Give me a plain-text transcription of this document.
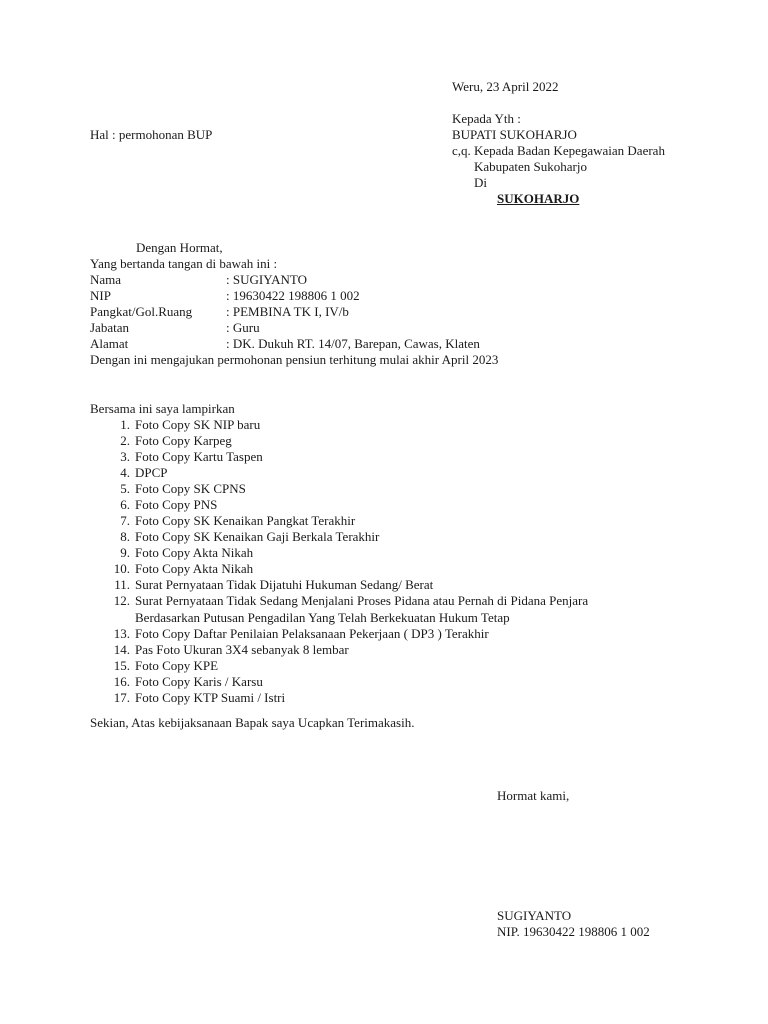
Weru, 23 April 2022
Kepada Yth :
BUPATI SUKOHARJO
Hal : permohonan BUP
c,q. Kepada Badan Kepegawaian Daerah
Kabupaten Sukoharjo
Di
SUKOHARJO
Dengan Hormat,
Yang bertanda tangan di bawah ini :
Nama	: SUGIYANTO
NIP	: 19630422 198806 1 002
Pangkat/Gol.Ruang	: PEMBINA TK I, IV/b
Jabatan	: Guru
Alamat	: DK. Dukuh RT. 14/07, Barepan, Cawas, Klaten
Dengan ini mengajukan permohonan pensiun terhitung mulai akhir April 2023
Bersama ini saya lampirkan
1. Foto Copy SK NIP baru
2. Foto Copy Karpeg
3. Foto Copy Kartu Taspen
4. DPCP
5. Foto Copy SK CPNS
6. Foto Copy PNS
7. Foto Copy SK Kenaikan Pangkat Terakhir
8. Foto Copy SK Kenaikan Gaji Berkala Terakhir
9. Foto Copy Akta Nikah
10. Foto Copy Akta Nikah
11. Surat Pernyataan Tidak Dijatuhi Hukuman Sedang/ Berat
12. Surat Pernyataan Tidak Sedang Menjalani Proses Pidana atau Pernah di Pidana Penjara
Berdasarkan Putusan Pengadilan Yang Telah Berkekuatan Hukum Tetap
13. Foto Copy Daftar Penilaian Pelaksanaan Pekerjaan ( DP3 ) Terakhir
14. Pas Foto Ukuran 3X4 sebanyak 8 lembar
15. Foto Copy KPE
16. Foto Copy Karis / Karsu
17. Foto Copy KTP Suami / Istri
Sekian, Atas kebijaksanaan Bapak saya Ucapkan Terimakasih.
Hormat kami,
SUGIYANTO
NIP. 19630422 198806 1 002
